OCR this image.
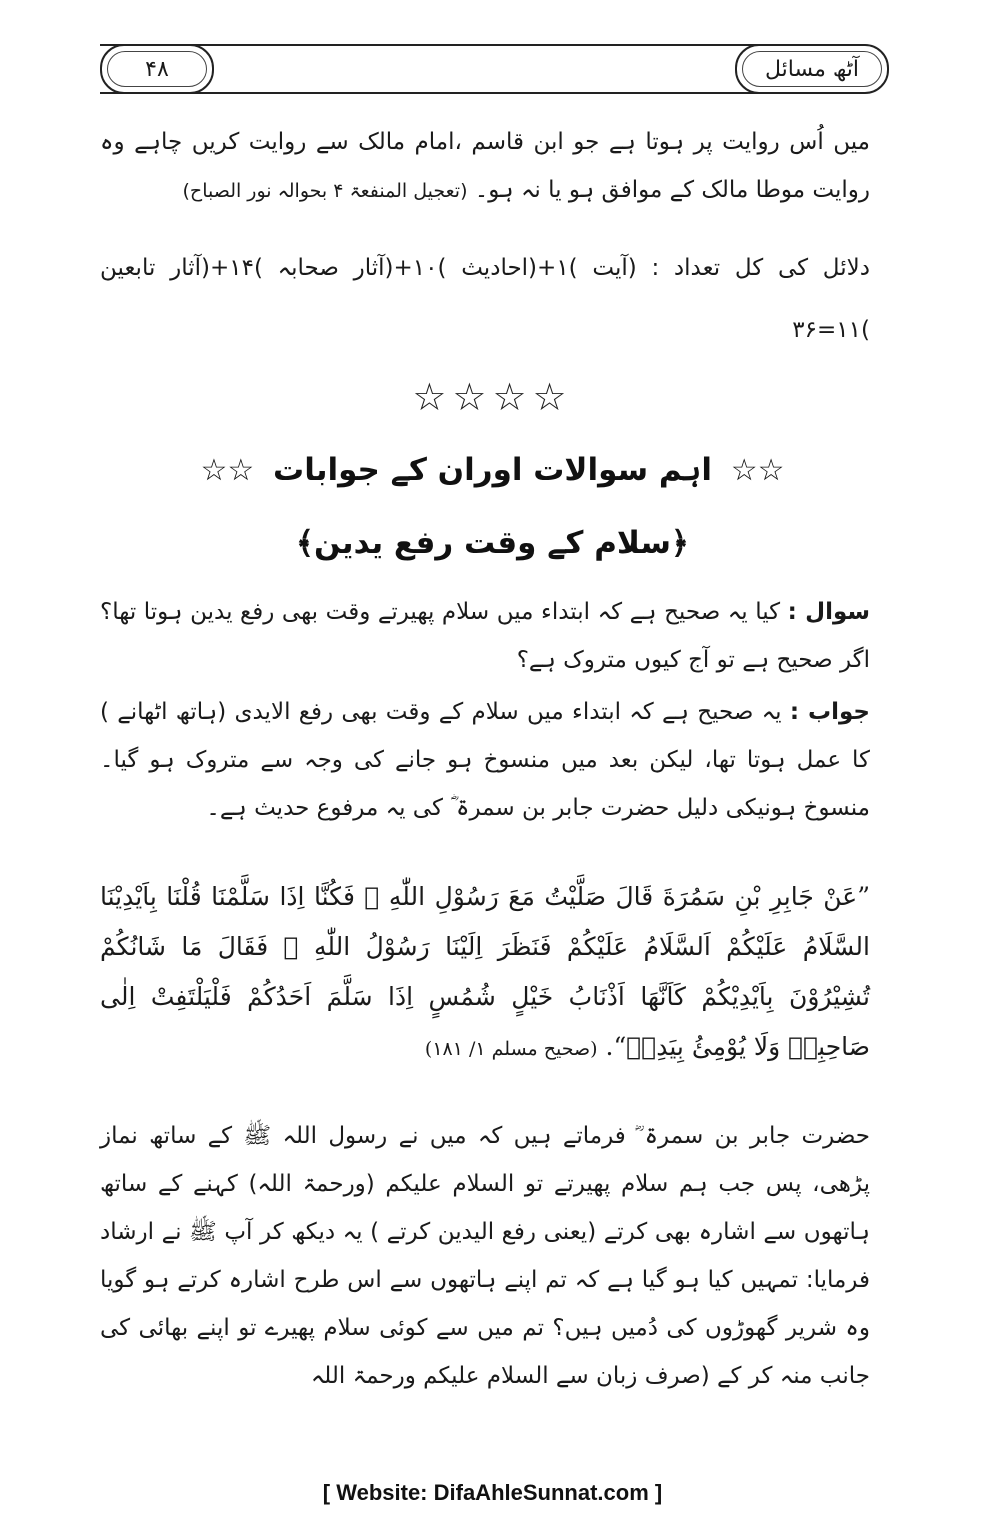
۴۸	آٹھ مسائل

میں اُس روایت پر ہوتا ہے جو ابن قاسم ،امام مالک سے روایت کریں چاہے وہ روایت موطا مالک کے موافق ہو یا نہ ہو۔ (تعجیل المنفعۃ ۴ بحوالہ نور الصباح)

دلائل کی کل تعداد : (آیت )۱+(احادیث )۱۰+(آثار صحابہ )۱۴+(آثار تابعین )۱۱=۳۶

☆☆☆☆
☆☆ اہم سوالات اوران کے جوابات ☆☆
﴿سلام کے وقت رفع یدین﴾

سوال : کیا یہ صحیح ہے کہ ابتداء میں سلام پھیرتے وقت بھی رفع یدین ہوتا تھا؟ اگر صحیح ہے تو آج کیوں متروک ہے؟

جواب : یہ صحیح ہے کہ ابتداء میں سلام کے وقت بھی رفع الایدی (ہاتھ اٹھانے ) کا عمل ہوتا تھا، لیکن بعد میں منسوخ ہو جانے کی وجہ سے متروک ہو گیا۔ منسوخ ہونیکی دلیل حضرت جابر بن سمرۃ ؓ کی یہ مرفوع حدیث ہے۔

”عَنْ جَابِرِ بْنِ سَمُرَةَ قَالَ صَلَّيْتُ مَعَ رَسُوْلِ اللّٰهِ ﷺ فَكُنَّا اِذَا سَلَّمْنَا قُلْنَا بِاَيْدِيْنَا السَّلَامُ عَلَيْكُمْ اَلسَّلَامُ عَلَيْكُمْ فَنَظَرَ اِلَيْنَا رَسُوْلُ اللّٰهِ ﷺ فَقَالَ مَا شَانُكُمْ تُشِيْرُوْنَ بِاَيْدِيْكُمْ كَاَنَّهَا اَذْنَابُ خَيْلٍ شُمُسٍ اِذَا سَلَّمَ اَحَدُكُمْ فَلْيَلْتَفِتْ اِلٰى صَاحِبِهٖ وَلَا يُوْمِئُ بِيَدِهٖ“. (صحیح مسلم ۱/ ۱۸۱)

حضرت جابر بن سمرۃ ؓ فرماتے ہیں کہ میں نے رسول اللہ ﷺ کے ساتھ نماز پڑھی، پس جب ہم سلام پھیرتے تو السلام علیکم (ورحمۃ اللہ) کہنے کے ساتھ ہاتھوں سے اشارہ بھی کرتے (یعنی رفع الیدین کرتے ) یہ دیکھ کر آپ ﷺ نے ارشاد فرمایا: تمہیں کیا ہو گیا ہے کہ تم اپنے ہاتھوں سے اس طرح اشارہ کرتے ہو گویا وہ شریر گھوڑوں کی دُمیں ہیں؟ تم میں سے کوئی سلام پھیرے تو اپنے بھائی کی جانب منہ کر کے (صرف زبان سے السلام علیکم ورحمۃ اللہ

[ Website: DifaAhleSunnat.com ]
